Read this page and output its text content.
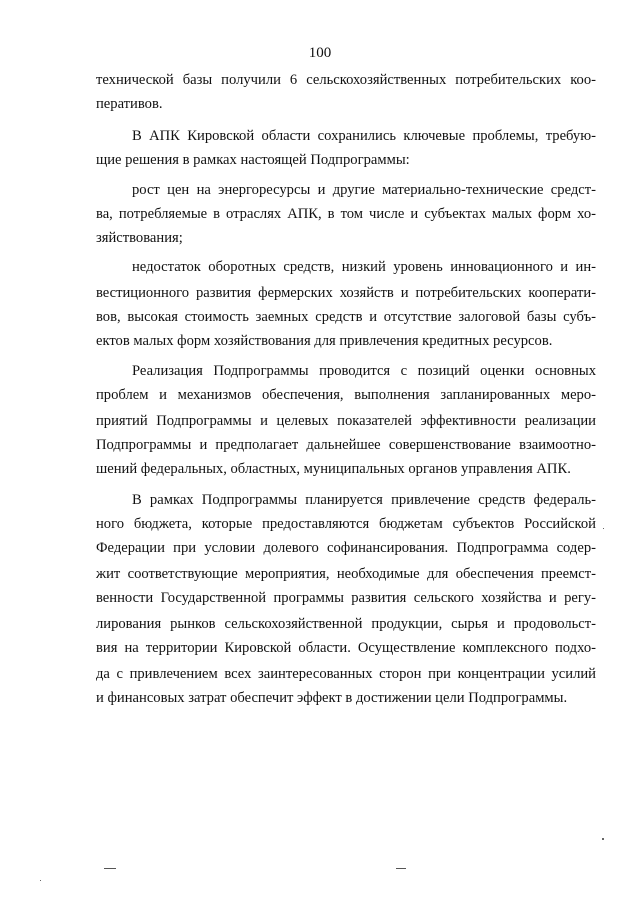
100
технической базы получили 6 сельскохозяйственных потребительских коо-
перативов.
В АПК Кировской области сохранились ключевые проблемы, требую-
щие решения в рамках настоящей Подпрограммы:
рост цен на энергоресурсы и другие материально-технические средст-
ва, потребляемые в отраслях АПК, в том числе и субъектах малых форм хо-
зяйствования;
недостаток оборотных средств, низкий уровень инновационного и ин-
вестиционного развития фермерских хозяйств и потребительских кооперати-
вов, высокая стоимость заемных средств и отсутствие залоговой базы субъ-
ектов малых форм хозяйствования для привлечения кредитных ресурсов.
Реализация Подпрограммы проводится с позиций оценки основных
проблем и механизмов обеспечения, выполнения запланированных меро-
приятий Подпрограммы и целевых показателей эффективности реализации
Подпрограммы и предполагает дальнейшее совершенствование взаимоотно-
шений федеральных, областных, муниципальных органов управления АПК.
В рамках Подпрограммы планируется привлечение средств федераль-
ного бюджета, которые предоставляются бюджетам субъектов Российской
Федерации при условии долевого софинансирования. Подпрограмма содер-
жит соответствующие мероприятия, необходимые для обеспечения преемст-
венности Государственной программы развития сельского хозяйства и регу-
лирования рынков сельскохозяйственной продукции, сырья и продовольст-
вия на территории Кировской области. Осуществление комплексного подхо-
да с привлечением всех заинтересованных сторон при концентрации усилий
и финансовых затрат обеспечит эффект в достижении цели Подпрограммы.
